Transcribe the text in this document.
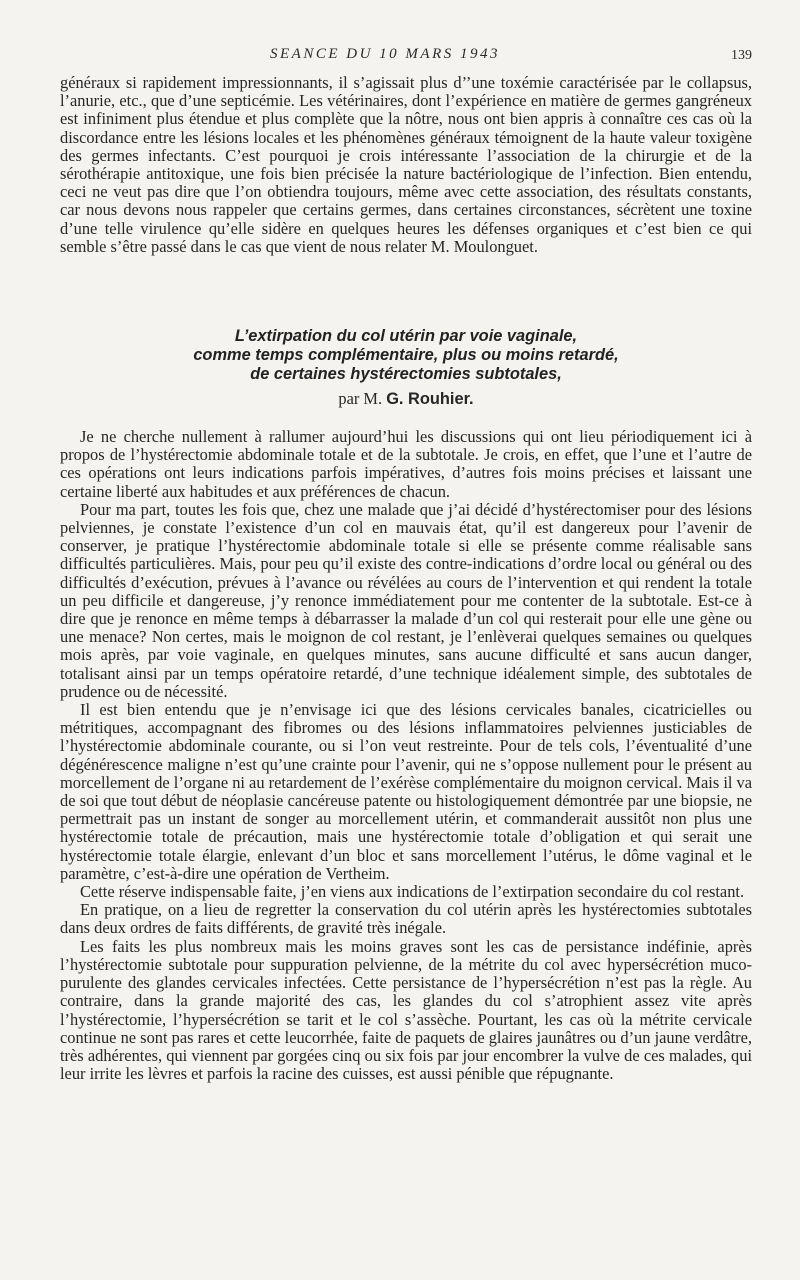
SEANCE DU 10 MARS 1943	139

généraux si rapidement impressionnants, il s’agissait plus d’’une toxémie caractérisée par le collapsus, l’anurie, etc., que d’une septicémie. Les vétérinaires, dont l’expérience en matière de germes gangréneux est infiniment plus étendue et plus complète que la nôtre, nous ont bien appris à connaître ces cas où la discordance entre les lésions locales et les phénomènes généraux témoignent de la haute valeur toxigène des germes infectants. C’est pourquoi je crois intéressante l’association de la chirurgie et de la sérothérapie antitoxique, une fois bien précisée la nature bactériologique de l’infection. Bien entendu, ceci ne veut pas dire que l’on obtiendra toujours, même avec cette association, des résultats constants, car nous devons nous rappeler que certains germes, dans certaines circonstances, sécrètent une toxine d’une telle virulence qu’elle sidère en quelques heures les défenses organiques et c’est bien ce qui semble s’être passé dans le cas que vient de nous relater M. Moulonguet.

L’extirpation du col utérin par voie vaginale,
comme temps complémentaire, plus ou moins retardé,
de certaines hystérectomies subtotales,
par M. G. Rouhier.

Je ne cherche nullement à rallumer aujourd’hui les discussions qui ont lieu périodiquement ici à propos de l’hystérectomie abdominale totale et de la subtotale. Je crois, en effet, que l’une et l’autre de ces opérations ont leurs indications parfois impératives, d’autres fois moins précises et laissant une certaine liberté aux habitudes et aux préférences de chacun.

Pour ma part, toutes les fois que, chez une malade que j’ai décidé d’hystérectomiser pour des lésions pelviennes, je constate l’existence d’un col en mauvais état, qu’il est dangereux pour l’avenir de conserver, je pratique l’hystérectomie abdominale totale si elle se présente comme réalisable sans difficultés particulières. Mais, pour peu qu’il existe des contre-indications d’ordre local ou général ou des difficultés d’exécution, prévues à l’avance ou révélées au cours de l’intervention et qui rendent la totale un peu difficile et dangereuse, j’y renonce immédiatement pour me contenter de la subtotale. Est-ce à dire que je renonce en même temps à débarrasser la malade d’un col qui resterait pour elle une gène ou une menace? Non certes, mais le moignon de col restant, je l’enlèverai quelques semaines ou quelques mois après, par voie vaginale, en quelques minutes, sans aucune difficulté et sans aucun danger, totalisant ainsi par un temps opératoire retardé, d’une technique idéalement simple, des subtotales de prudence ou de nécessité.

Il est bien entendu que je n’envisage ici que des lésions cervicales banales, cicatricielles ou métritiques, accompagnant des fibromes ou des lésions inflammatoires pelviennes justiciables de l’hystérectomie abdominale courante, ou si l’on veut restreinte. Pour de tels cols, l’éventualité d’une dégénérescence maligne n’est qu’une crainte pour l’avenir, qui ne s’oppose nullement pour le présent au morcellement de l’organe ni au retardement de l’exérèse complémentaire du moignon cervical. Mais il va de soi que tout début de néoplasie cancéreuse patente ou histologiquement démontrée par une biopsie, ne permettrait pas un instant de songer au morcellement utérin, et commanderait aussitôt non plus une hystérectomie totale de précaution, mais une hystérectomie totale d’obligation et qui serait une hystérectomie totale élargie, enlevant d’un bloc et sans morcellement l’utérus, le dôme vaginal et le paramètre, c’est-à-dire une opération de Vertheim.

Cette réserve indispensable faite, j’en viens aux indications de l’extirpation secondaire du col restant.

En pratique, on a lieu de regretter la conservation du col utérin après les hystérectomies subtotales dans deux ordres de faits différents, de gravité très inégale.

Les faits les plus nombreux mais les moins graves sont les cas de persistance indéfinie, après l’hystérectomie subtotale pour suppuration pelvienne, de la métrite du col avec hypersécrétion muco-purulente des glandes cervicales infectées. Cette persistance de l’hypersécrétion n’est pas la règle. Au contraire, dans la grande majorité des cas, les glandes du col s’atrophient assez vite après l’hystérectomie, l’hypersécrétion se tarit et le col s’assèche. Pourtant, les cas où la métrite cervicale continue ne sont pas rares et cette leucorrhée, faite de paquets de glaires jaunâtres ou d’un jaune verdâtre, très adhérentes, qui viennent par gorgées cinq ou six fois par jour encombrer la vulve de ces malades, qui leur irrite les lèvres et parfois la racine des cuisses, est aussi pénible que répugnante.
